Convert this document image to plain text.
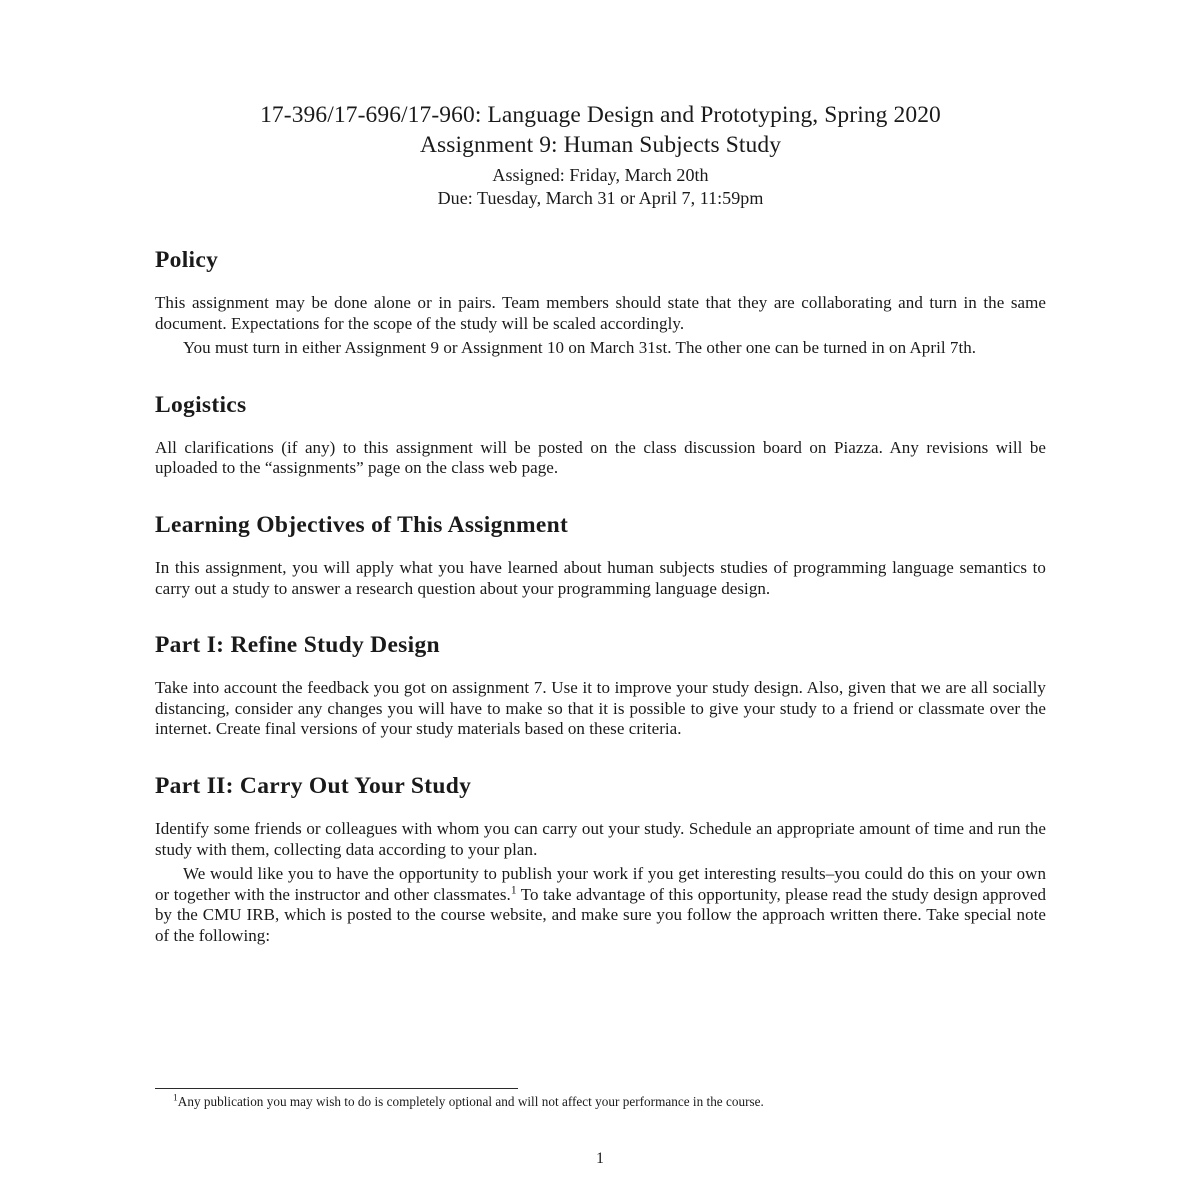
17-396/17-696/17-960: Language Design and Prototyping, Spring 2020
Assignment 9: Human Subjects Study
Assigned: Friday, March 20th
Due: Tuesday, March 31 or April 7, 11:59pm
Policy

This assignment may be done alone or in pairs. Team members should state that they are collaborating and turn in the same document. Expectations for the scope of the study will be scaled accordingly.

You must turn in either Assignment 9 or Assignment 10 on March 31st. The other one can be turned in on April 7th.

Logistics

All clarifications (if any) to this assignment will be posted on the class discussion board on Piazza. Any revisions will be uploaded to the “assignments” page on the class web page.

Learning Objectives of This Assignment

In this assignment, you will apply what you have learned about human subjects studies of programming language semantics to carry out a study to answer a research question about your programming language design.

Part I: Refine Study Design

Take into account the feedback you got on assignment 7. Use it to improve your study design. Also, given that we are all socially distancing, consider any changes you will have to make so that it is possible to give your study to a friend or classmate over the internet. Create final versions of your study materials based on these criteria.

Part II: Carry Out Your Study

Identify some friends or colleagues with whom you can carry out your study. Schedule an appropriate amount of time and run the study with them, collecting data according to your plan.

We would like you to have the opportunity to publish your work if you get interesting results–you could do this on your own or together with the instructor and other classmates.$^1$ To take advantage of this opportunity, please read the study design approved by the CMU IRB, which is posted to the course website, and make sure you follow the approach written there. Take special note of the following:

$^1$Any publication you may wish to do is completely optional and will not affect your performance in the course.

1
